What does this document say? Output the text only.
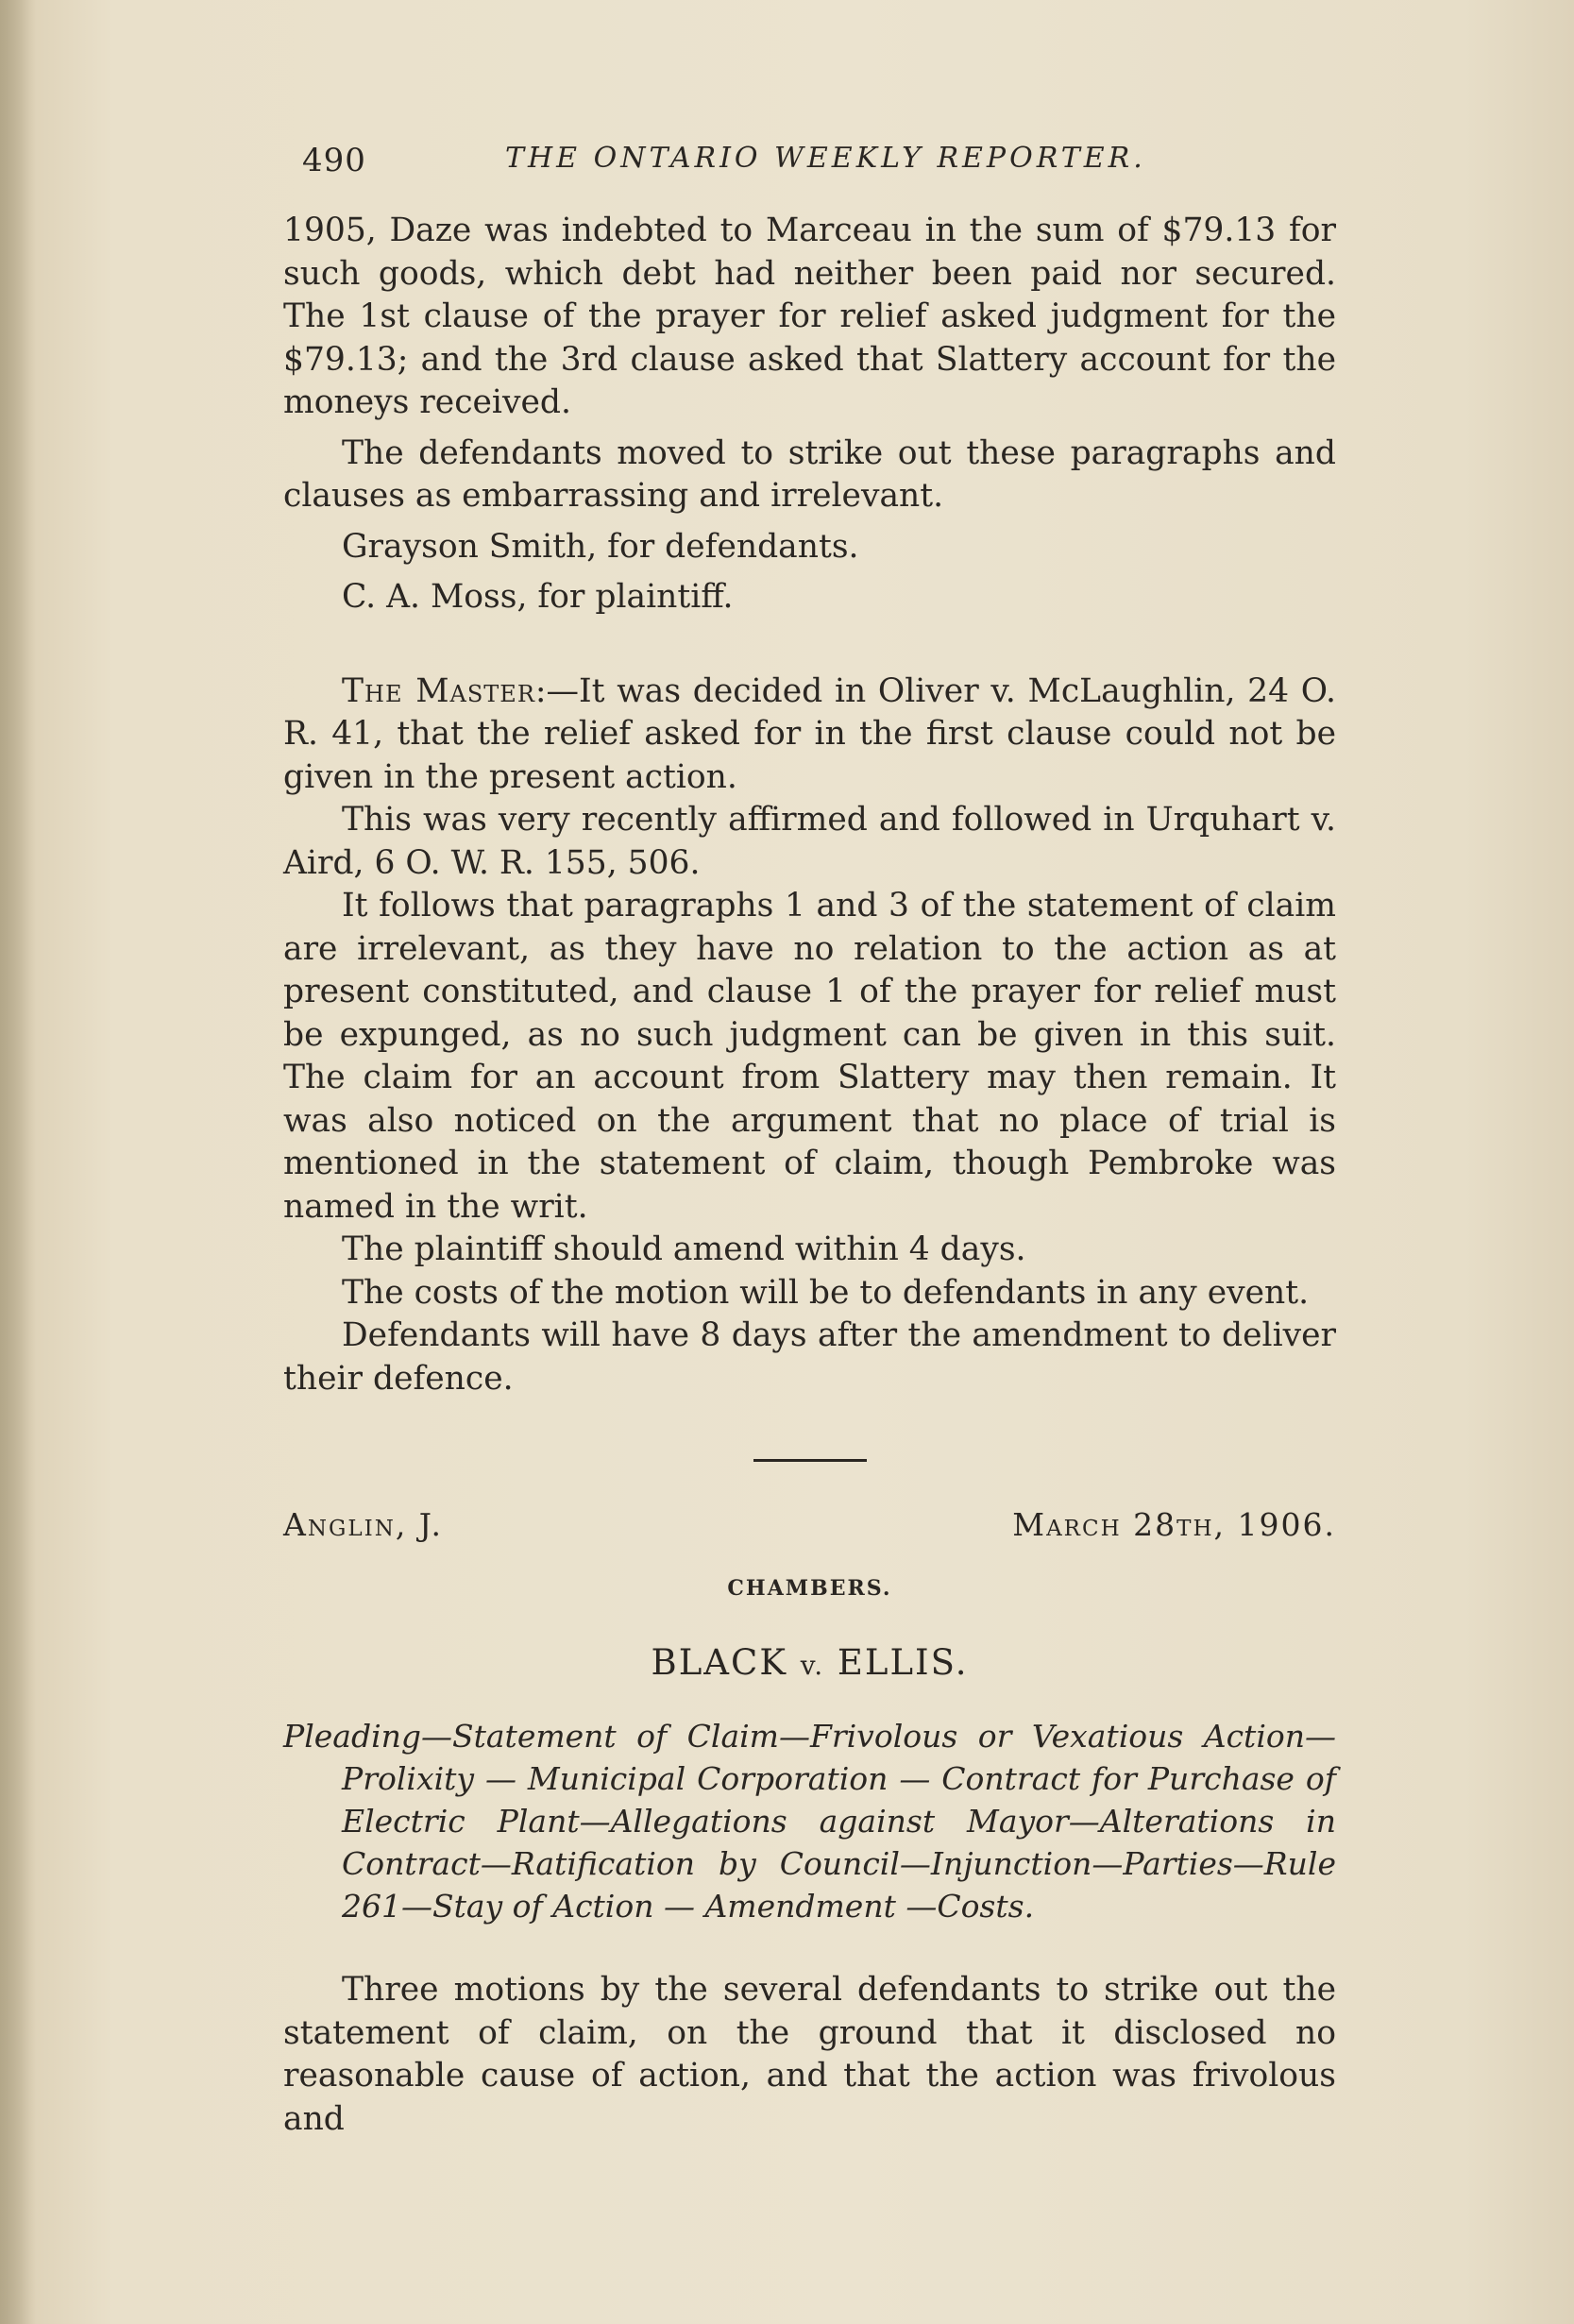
490	THE ONTARIO WEEKLY REPORTER.

1905, Daze was indebted to Marceau in the sum of $79.13 for such goods, which debt had neither been paid nor secured. The 1st clause of the prayer for relief asked judgment for the $79.13; and the 3rd clause asked that Slattery account for the moneys received.

The defendants moved to strike out these paragraphs and clauses as embarrassing and irrelevant.

Grayson Smith, for defendants.

C. A. Moss, for plaintiff.

The Master:—It was decided in Oliver v. McLaughlin, 24 O. R. 41, that the relief asked for in the first clause could not be given in the present action.

This was very recently affirmed and followed in Urquhart v. Aird, 6 O. W. R. 155, 506.

It follows that paragraphs 1 and 3 of the statement of claim are irrelevant, as they have no relation to the action as at present constituted, and clause 1 of the prayer for relief must be expunged, as no such judgment can be given in this suit. The claim for an account from Slattery may then remain. It was also noticed on the argument that no place of trial is mentioned in the statement of claim, though Pembroke was named in the writ.

The plaintiff should amend within 4 days.

The costs of the motion will be to defendants in any event.

Defendants will have 8 days after the amendment to deliver their defence.

Anglin, J.	March 28th, 1906.
CHAMBERS.
BLACK v. ELLIS.

Pleading—Statement of Claim—Frivolous or Vexatious Action—Prolixity — Municipal Corporation — Contract for Purchase of Electric Plant—Allegations against Mayor—Alterations in Contract—Ratification by Council—Injunction—Parties—Rule 261—Stay of Action — Amendment —Costs.

Three motions by the several defendants to strike out the statement of claim, on the ground that it disclosed no reasonable cause of action, and that the action was frivolous and
